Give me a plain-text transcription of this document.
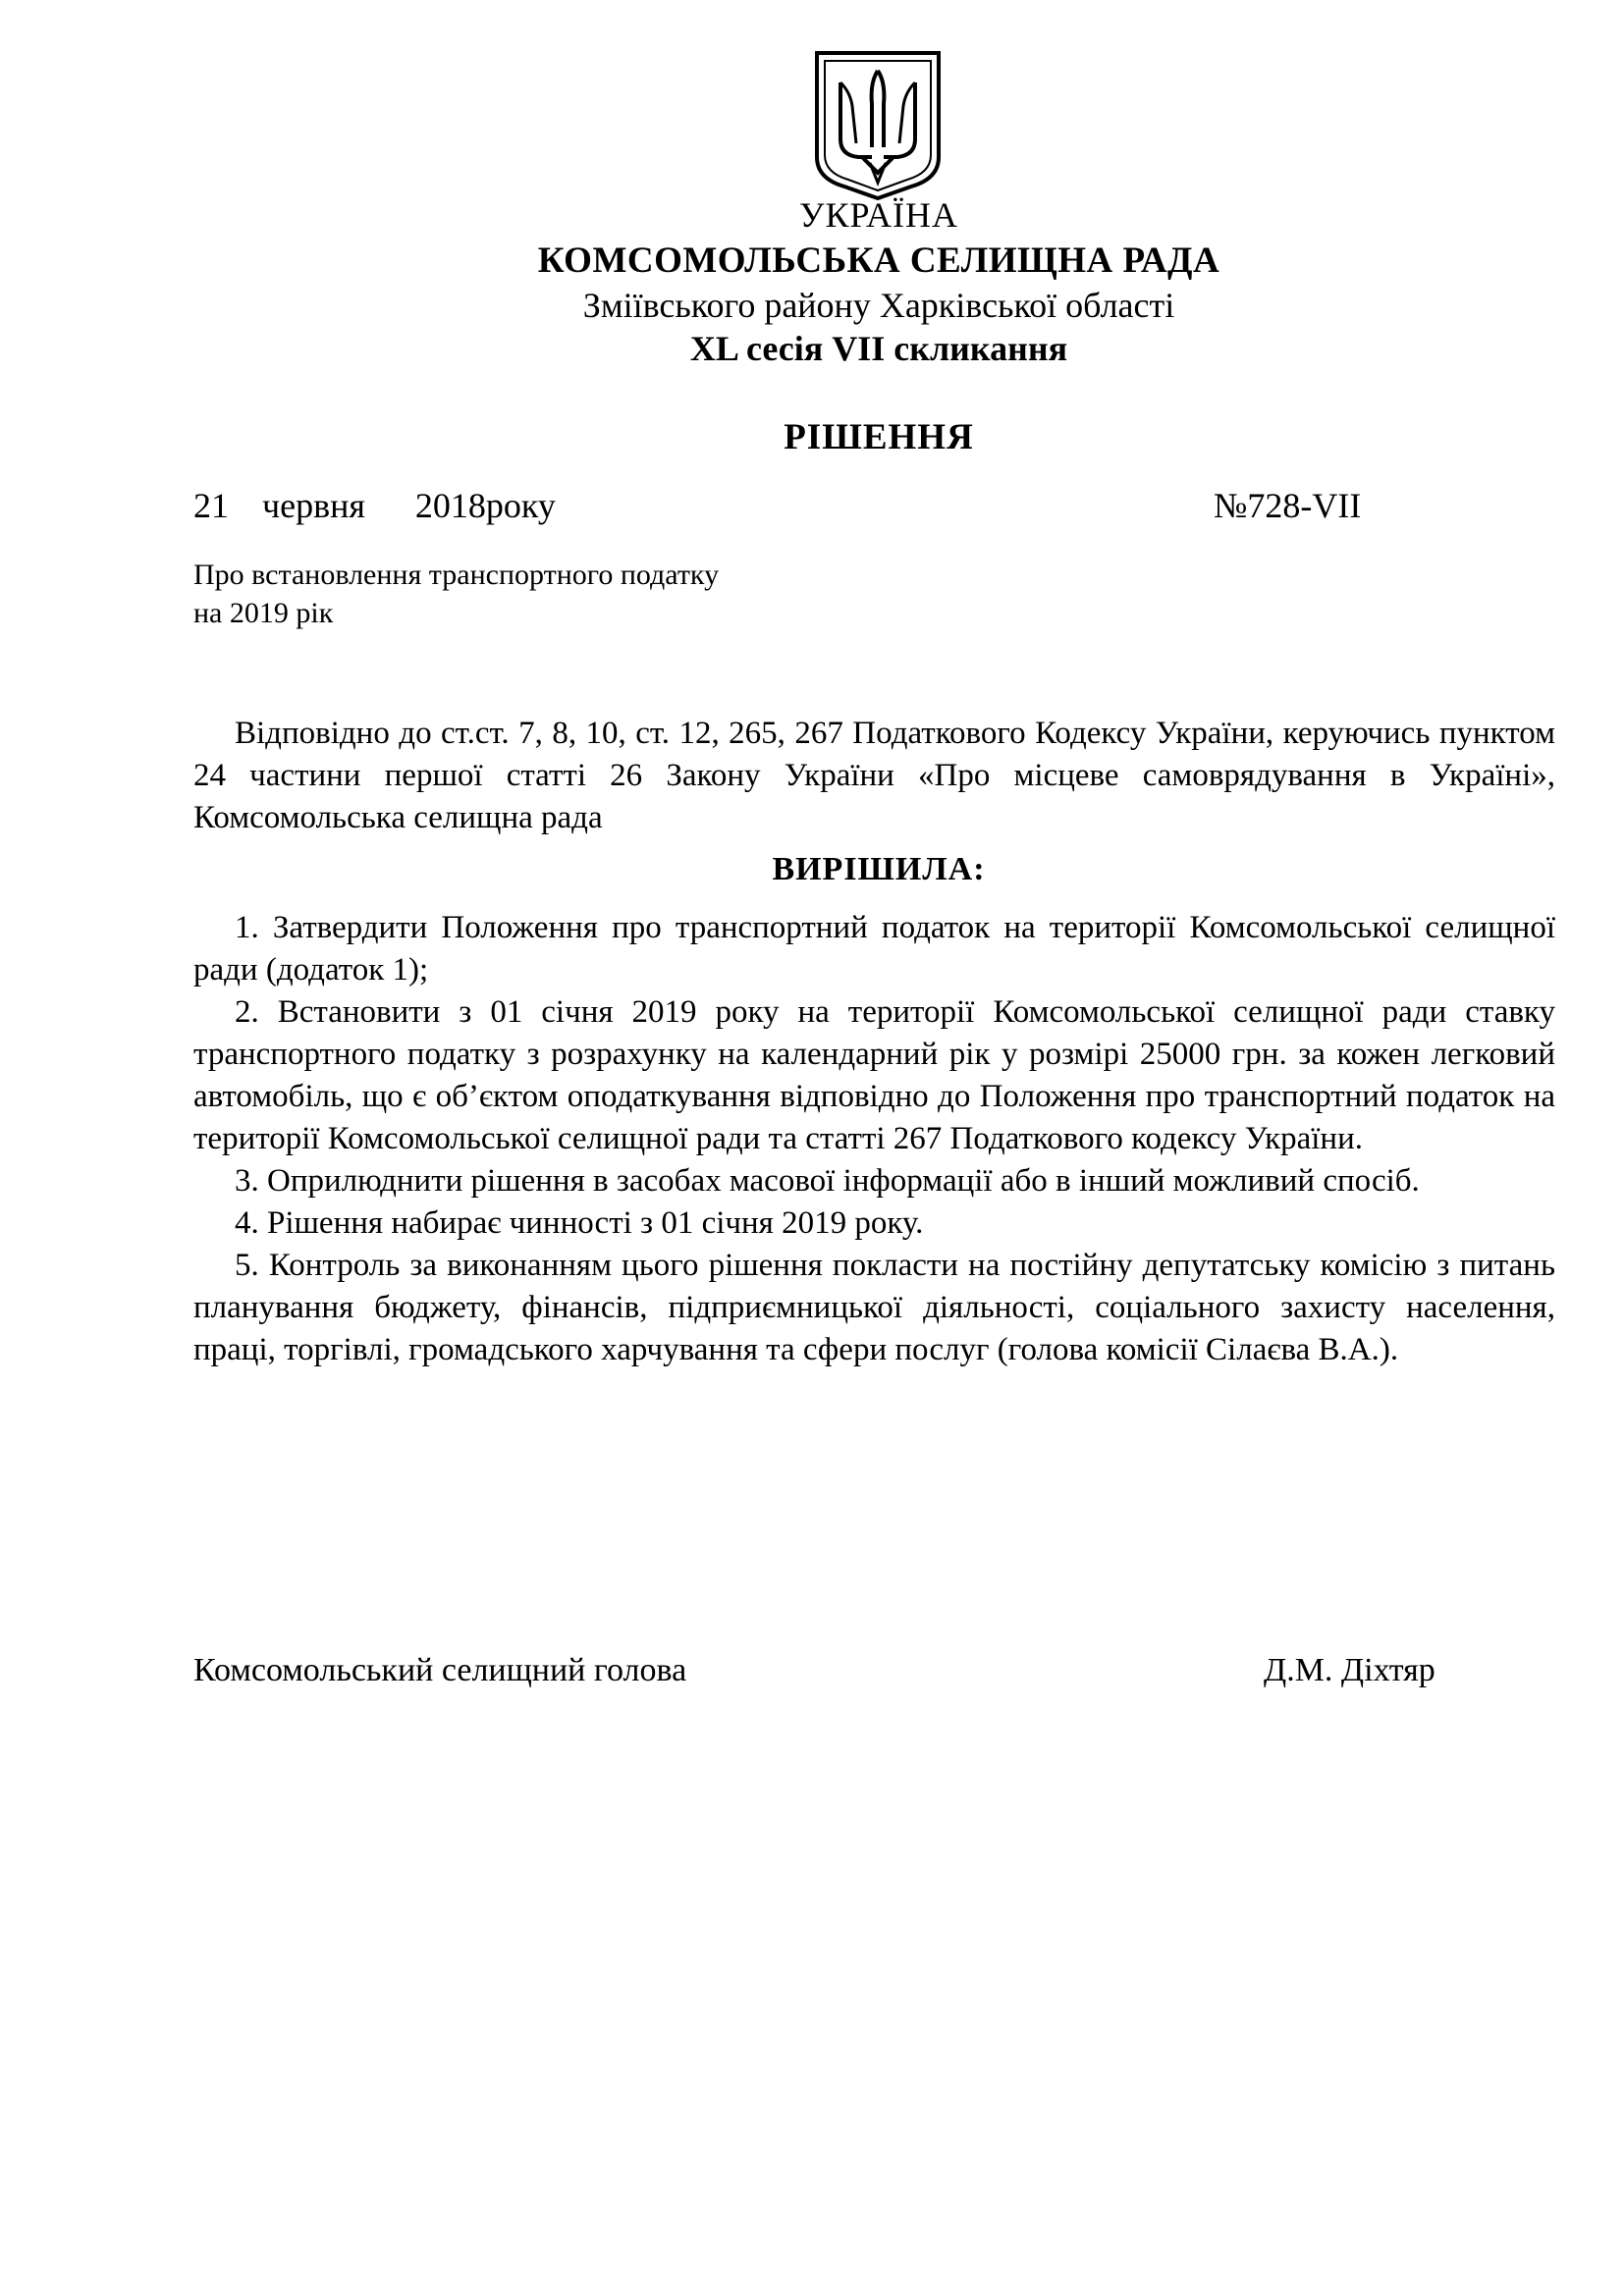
УКРАЇНА
КОМСОМОЛЬСЬКА СЕЛИЩНА РАДА
Зміївського району Харківської області
XL сесія VII скликання
РІШЕННЯ
21  червня   2018року	№728-VII
Про встановлення транспортного податку
на 2019 рік

Відповідно до ст.ст. 7, 8, 10, ст. 12, 265, 267 Податкового Кодексу України, керуючись пунктом 24 частини першої статті 26 Закону України «Про місцеве самоврядування в Україні», Комсомольська селищна рада

ВИРІШИЛА:

1. Затвердити Положення про транспортний податок на території Комсомольської селищної ради (додаток 1);

2. Встановити з 01 січня 2019 року на території Комсомольської селищної ради ставку транспортного податку з розрахунку на календарний рік у розмірі 25000 грн. за кожен легковий автомобіль, що є об’єктом оподаткування відповідно до Положення про транспортний податок на території Комсомольської селищної ради та статті 267 Податкового кодексу України.

3. Оприлюднити рішення в засобах масової інформації або в інший можливий спосіб.

4. Рішення набирає чинності з 01 січня 2019 року.

5. Контроль за виконанням цього рішення покласти на постійну депутатську комісію з питань планування бюджету, фінансів, підприємницької діяльності, соціального захисту населення, праці, торгівлі, громадського харчування та сфери послуг (голова комісії Сілаєва В.А.).

Комсомольський селищний голова	Д.М. Діхтяр
